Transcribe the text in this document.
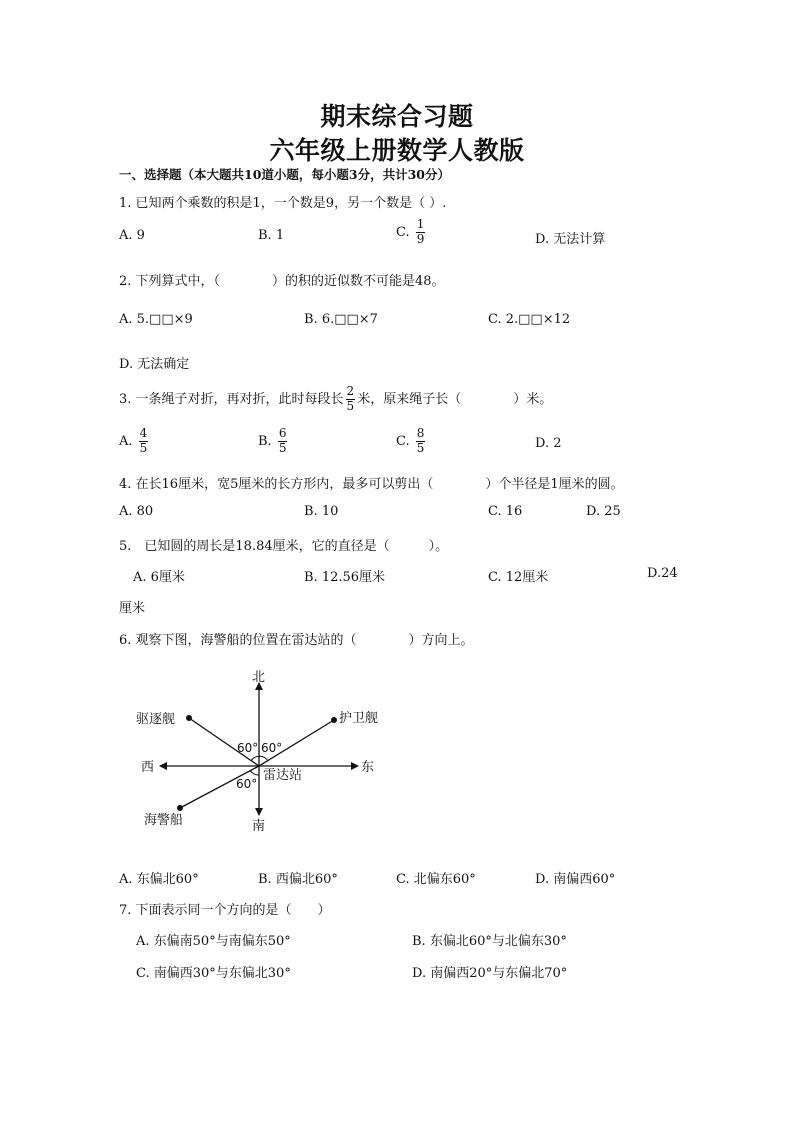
期末综合习题
六年级上册数学人教版
一、选择题（本大题共10道小题，每小题3分，共计30分）
1. 已知两个乘数的积是1，一个数是9，另一个数是（ ）.
A. 9	B. 1	C. $\frac{1}{9}$	D. 无法计算
2. 下列算式中，（　　　　）的积的近似数不可能是48。
A. 5.□□×9	B. 6.□□×7	C. 2.□□×12
D. 无法确定
3. 一条绳子对折，再对折，此时每段长 $\frac{2}{5}$ 米，原来绳子长（　　　　）米。
A. $\frac{4}{5}$	B. $\frac{6}{5}$	C. $\frac{8}{5}$	D. 2
4. 在长16厘米，宽5厘米的长方形内，最多可以剪出（　　　　）个半径是1厘米的圆。
A. 80	B. 10	C. 16	D. 25
5.　已知圆的周长是18.84厘米，它的直径是（　　　）。
A. 6厘米	B. 12.56厘米	C. 12厘米	D.24
厘米
6. 观察下图，海警船的位置在雷达站的（　　　　）方向上。
北
南
西	东
驱逐舰	护卫舰
海警船
雷达站
60° 60°
60°
A. 东偏北60°	B. 西偏北60°	C. 北偏东60°	D. 南偏西60°
7. 下面表示同一个方向的是（　　）
A. 东偏南50°与南偏东50°	B. 东偏北60°与北偏东30°
C. 南偏西30°与东偏北30°	D. 南偏西20°与东偏北70°
